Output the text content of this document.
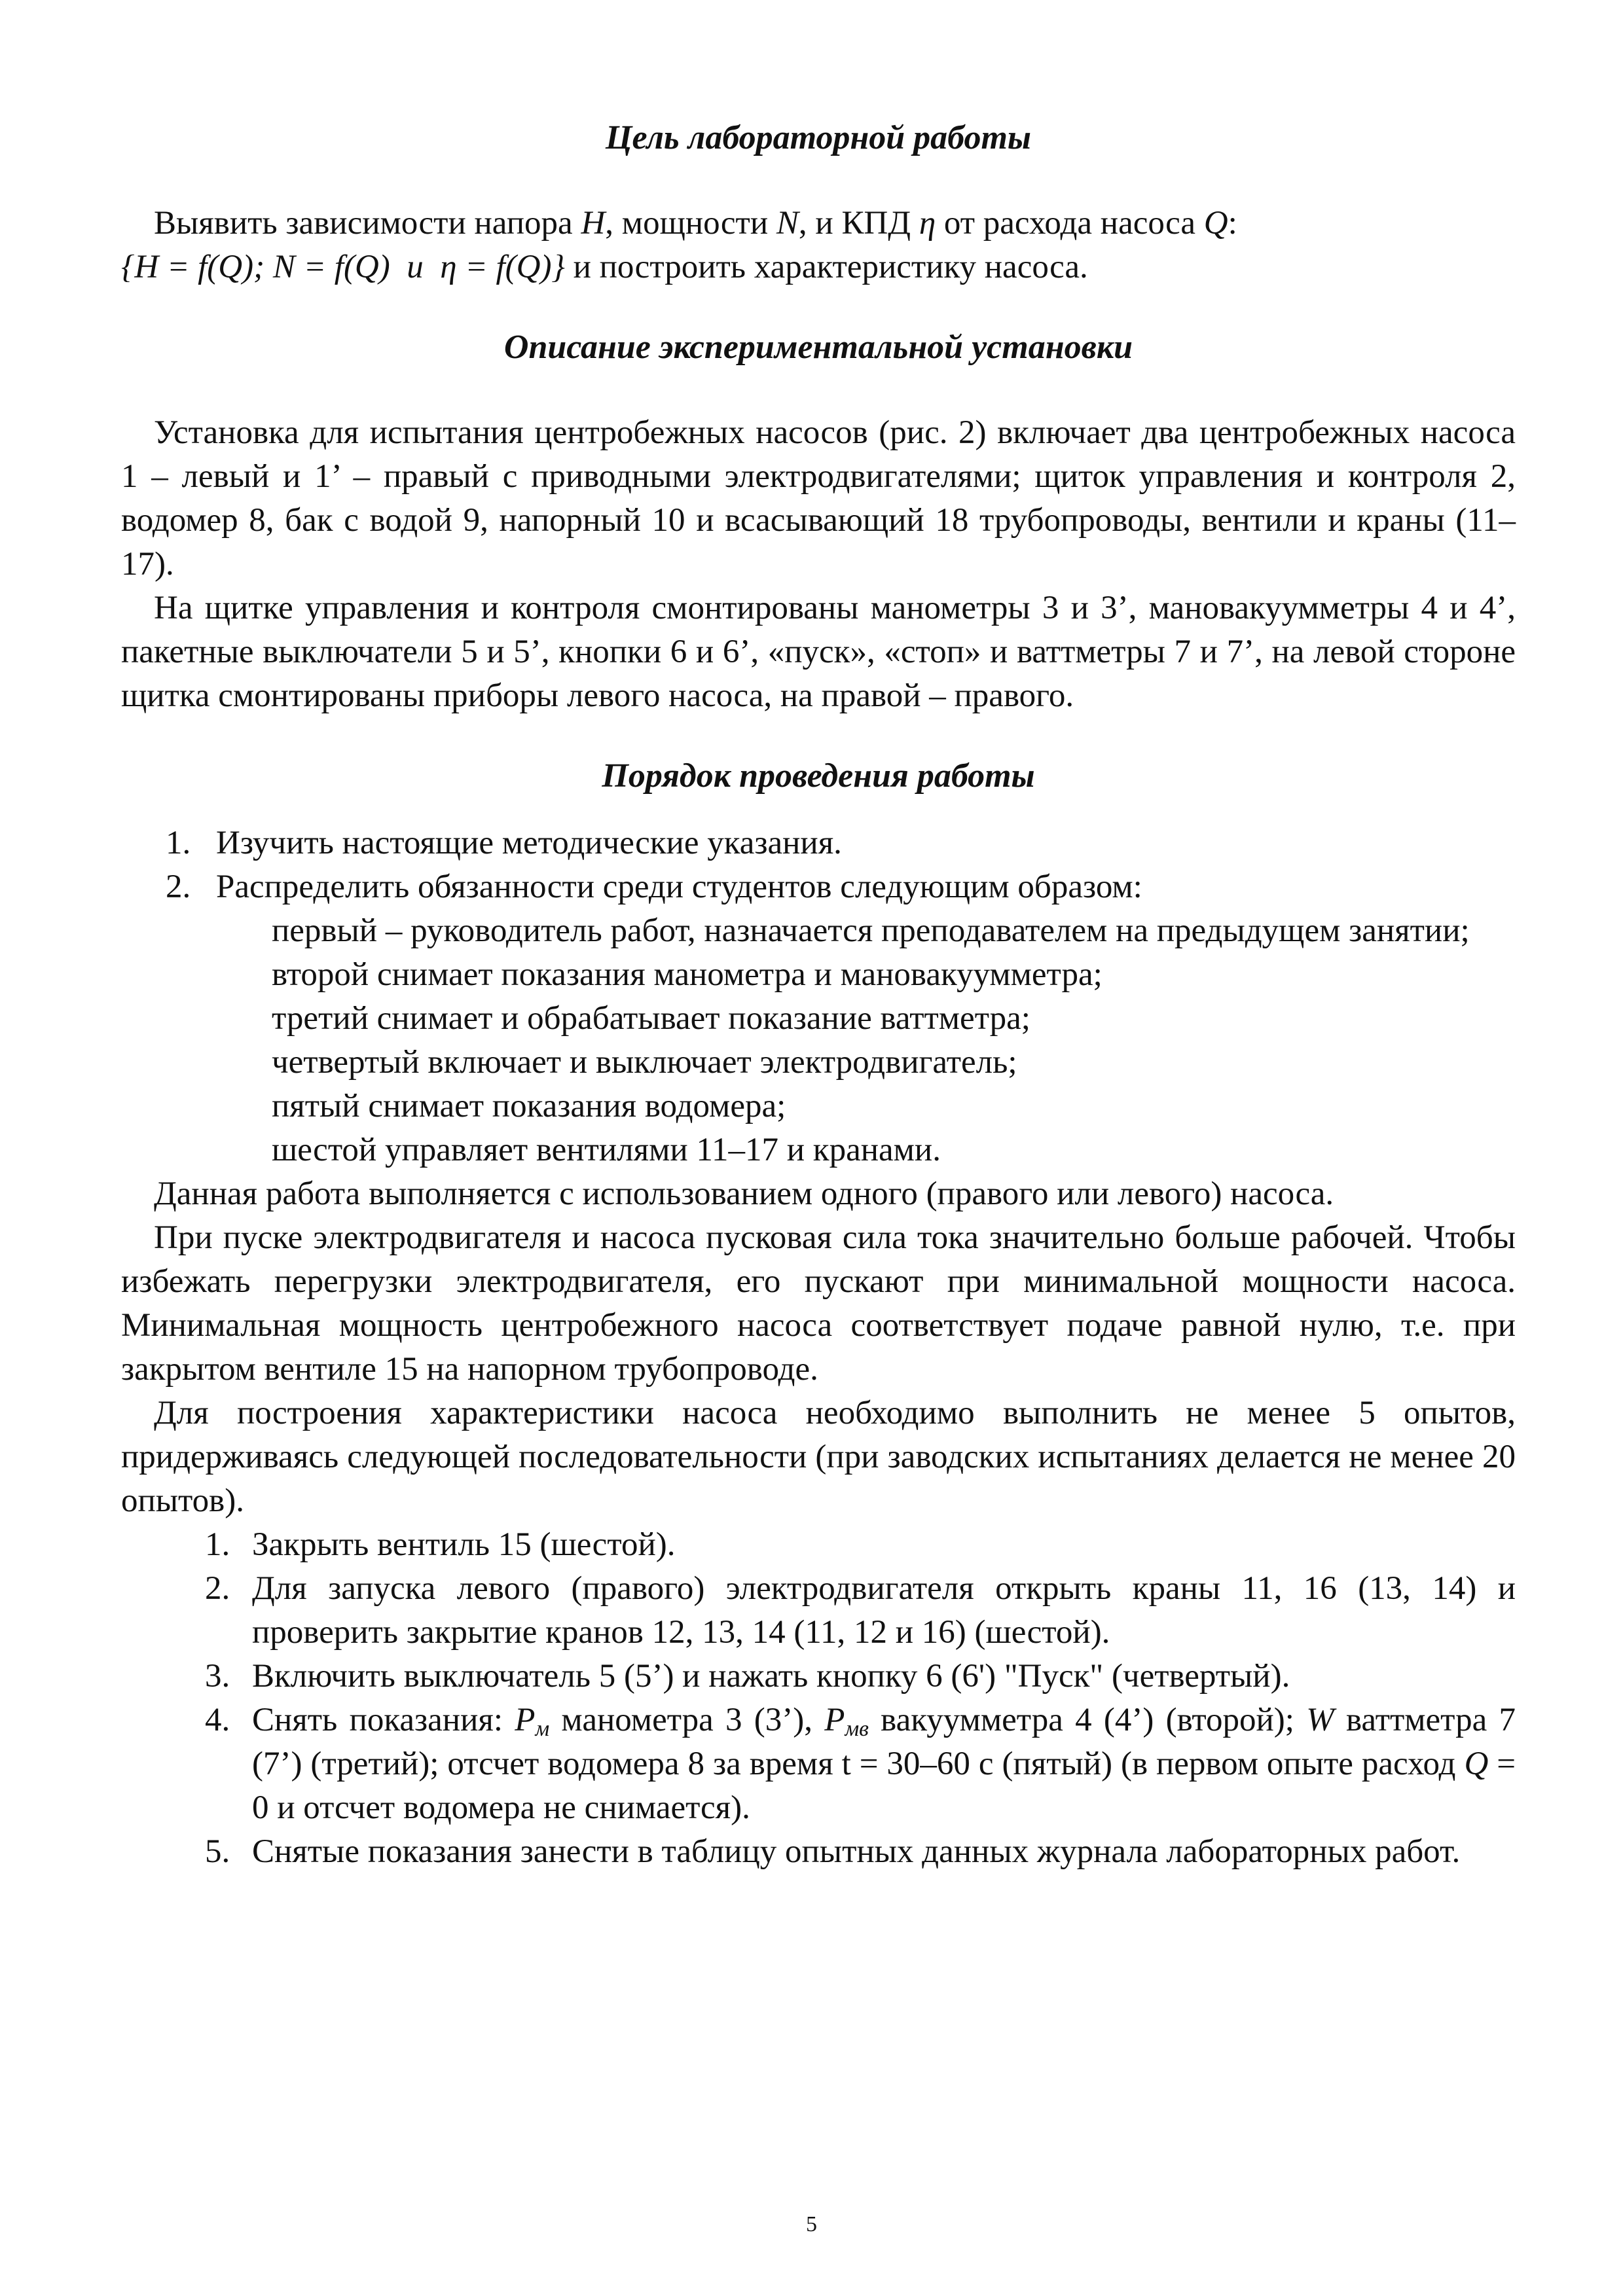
Цель лабораторной работы

Выявить зависимости напора H, мощности N, и КПД η от расхода насоса Q:
{H = f(Q); N = f(Q)  и  η = f(Q)} и построить характеристику насоса.

Описание экспериментальной установки

Установка для испытания центробежных насосов (рис. 2) включает два центробежных насоса 1 – левый и 1’ – правый с приводными электродвигателями; щиток управления и контроля 2, водомер 8, бак с водой 9, напорный 10 и всасывающий 18 трубопроводы, вентили и краны (11–17).

На щитке управления и контроля смонтированы манометры 3 и 3’, мановакуумметры 4 и 4’, пакетные выключатели 5 и 5’, кнопки 6 и 6’, «пуск», «стоп» и ваттметры 7 и 7’, на левой стороне щитка смонтированы приборы левого насоса, на правой – правого.

Порядок проведения работы
1. Изучить настоящие методические указания.
2. Распределить обязанности среди студентов следующим образом:
первый – руководитель работ, назначается преподавателем на предыдущем занятии;
второй снимает показания манометра и мановакуумметра;
третий снимает и обрабатывает показание ваттметра;
четвертый включает и выключает электродвигатель;
пятый снимает показания водомера;
шестой управляет вентилями 11–17 и кранами.

Данная работа выполняется с использованием одного (правого или левого) насоса.

При пуске электродвигателя и насоса пусковая сила тока значительно больше рабочей. Чтобы избежать перегрузки электродвигателя, его пускают при минимальной мощности насоса. Минимальная мощность центробежного насоса соответствует подаче равной нулю, т.е. при закрытом вентиле 15 на напорном трубопроводе.

Для построения характеристики насоса необходимо выполнить не менее 5 опытов, придерживаясь следующей последовательности (при заводских испытаниях делается не менее 20 опытов).

1. Закрыть вентиль 15 (шестой).
2. Для запуска левого (правого) электродвигателя открыть краны 11, 16 (13, 14) и проверить закрытие кранов 12, 13, 14 (11, 12 и 16) (шестой).
3. Включить выключатель 5 (5’) и нажать кнопку 6 (6') "Пуск" (четвертый).
4. Снять показания: $P_м$ манометра 3 (3’), $P_{мв}$ вакуумметра 4 (4’) (второй); W ваттметра 7 (7’) (третий); отсчет водомера 8 за время t = 30–60 с (пятый) (в первом опыте расход Q = 0 и отсчет водомера не снимается).
5. Снятые показания занести в таблицу опытных данных журнала лабораторных работ.
5
